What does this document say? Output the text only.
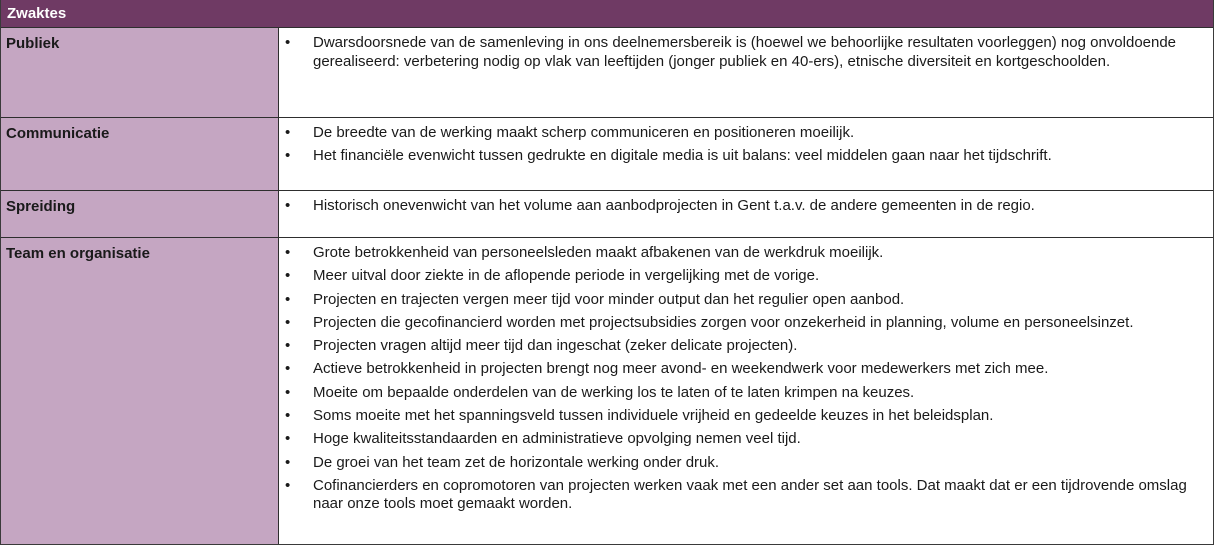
Zwaktes
Publiek	• Dwarsdoorsnede van de samenleving in ons deelnemersbereik is (hoewel we behoorlijke resultaten voorleggen) nog onvoldoende gerealiseerd: verbetering nodig op vlak van leeftijden (jonger publiek en 40-ers), etnische diversiteit en kortgeschoolden.
Communicatie	• De breedte van de werking maakt scherp communiceren en positioneren moeilijk.
• Het financiële evenwicht tussen gedrukte en digitale media is uit balans: veel middelen gaan naar het tijdschrift.
Spreiding	• Historisch onevenwicht van het volume aan aanbodprojecten in Gent t.a.v. de andere gemeenten in de regio.
Team en organisatie	• Grote betrokkenheid van personeelsleden maakt afbakenen van de werkdruk moeilijk.
• Meer uitval door ziekte in de aflopende periode in vergelijking met de vorige.
• Projecten en trajecten vergen meer tijd voor minder output dan het regulier open aanbod.
• Projecten die gecofinancierd worden met projectsubsidies zorgen voor onzekerheid in planning, volume en personeelsinzet.
• Projecten vragen altijd meer tijd dan ingeschat (zeker delicate projecten).
• Actieve betrokkenheid in projecten brengt nog meer avond- en weekendwerk voor medewerkers met zich mee.
• Moeite om bepaalde onderdelen van de werking los te laten of te laten krimpen na keuzes.
• Soms moeite met het spanningsveld tussen individuele vrijheid en gedeelde keuzes in het beleidsplan.
• Hoge kwaliteitsstandaarden en administratieve opvolging nemen veel tijd.
• De groei van het team zet de horizontale werking onder druk.
• Cofinancierders en copromotoren van projecten werken vaak met een ander set aan tools. Dat maakt dat er een tijdrovende omslag naar onze tools moet gemaakt worden.
